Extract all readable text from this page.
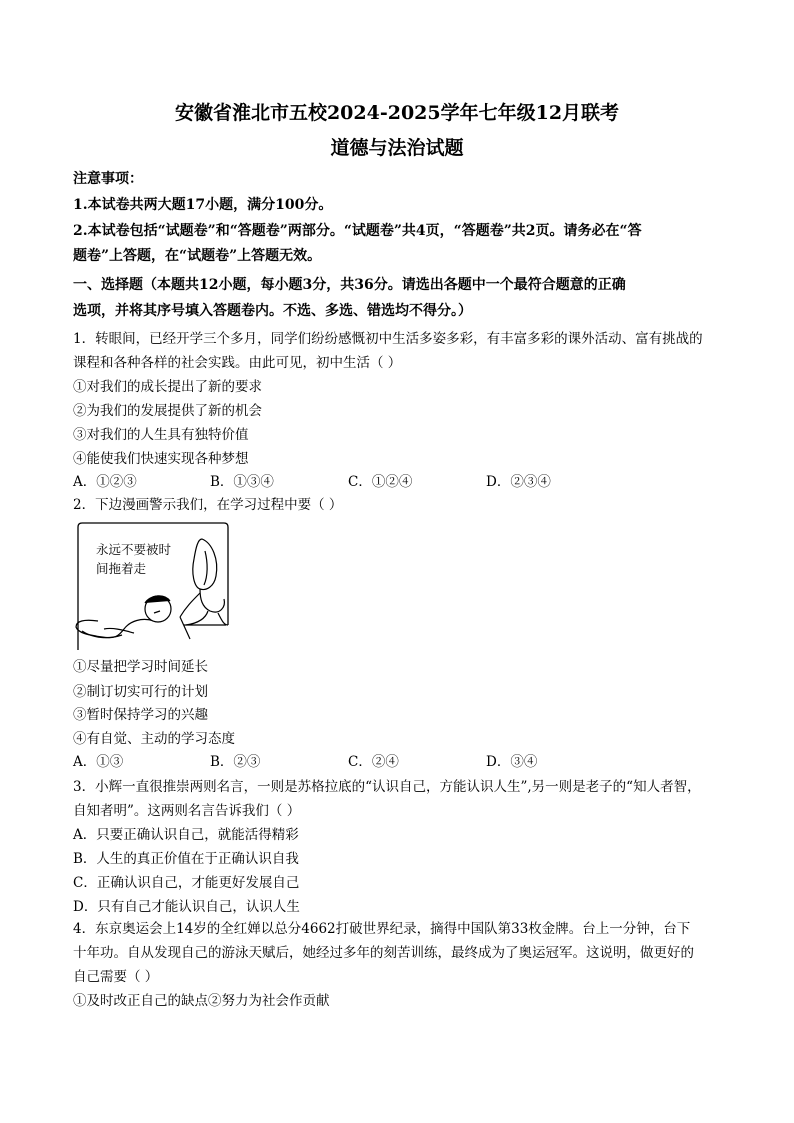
安徽省淮北市五校2024-2025学年七年级12月联考
道德与法治试题
注意事项：
1.本试卷共两大题17小题，满分100分。
2.本试卷包括“试题卷”和“答题卷”两部分。“试题卷”共4页，“答题卷”共2页。请务必在“答
题卷”上答题，在“试题卷”上答题无效。
一、选择题（本题共12小题，每小题3分，共36分。请选出各题中一个最符合题意的正确
选项，并将其序号填入答题卷内。不选、多选、错选均不得分。）
1．转眼间，已经开学三个多月，同学们纷纷感慨初中生活多姿多彩，有丰富多彩的课外活动、富有挑战的
课程和各种各样的社会实践。由此可见，初中生活（ ）
①对我们的成长提出了新的要求
②为我们的发展提供了新的机会
③对我们的人生具有独特价值
④能使我们快速实现各种梦想
A．①②③	B．①③④	C．①②④	D．②③④
2．下边漫画警示我们，在学习过程中要（ ）
永远不要被时
间拖着走
①尽量把学习时间延长
②制订切实可行的计划
③暂时保持学习的兴趣
④有自觉、主动的学习态度
A．①③	B．②③	C．②④	D．③④
3．小辉一直很推崇两则名言，一则是苏格拉底的“认识自己，方能认识人生”,另一则是老子的“知人者智，
自知者明”。这两则名言告诉我们（ ）
A．只要正确认识自己，就能活得精彩
B．人生的真正价值在于正确认识自我
C．正确认识自己，才能更好发展自己
D．只有自己才能认识自己，认识人生
4．东京奥运会上14岁的全红婵以总分4662打破世界纪录，摘得中国队第33枚金牌。台上一分钟，台下
十年功。自从发现自己的游泳天赋后，她经过多年的刻苦训练，最终成为了奥运冠军。这说明，做更好的
自己需要（ ）
①及时改正自己的缺点②努力为社会作贡献
